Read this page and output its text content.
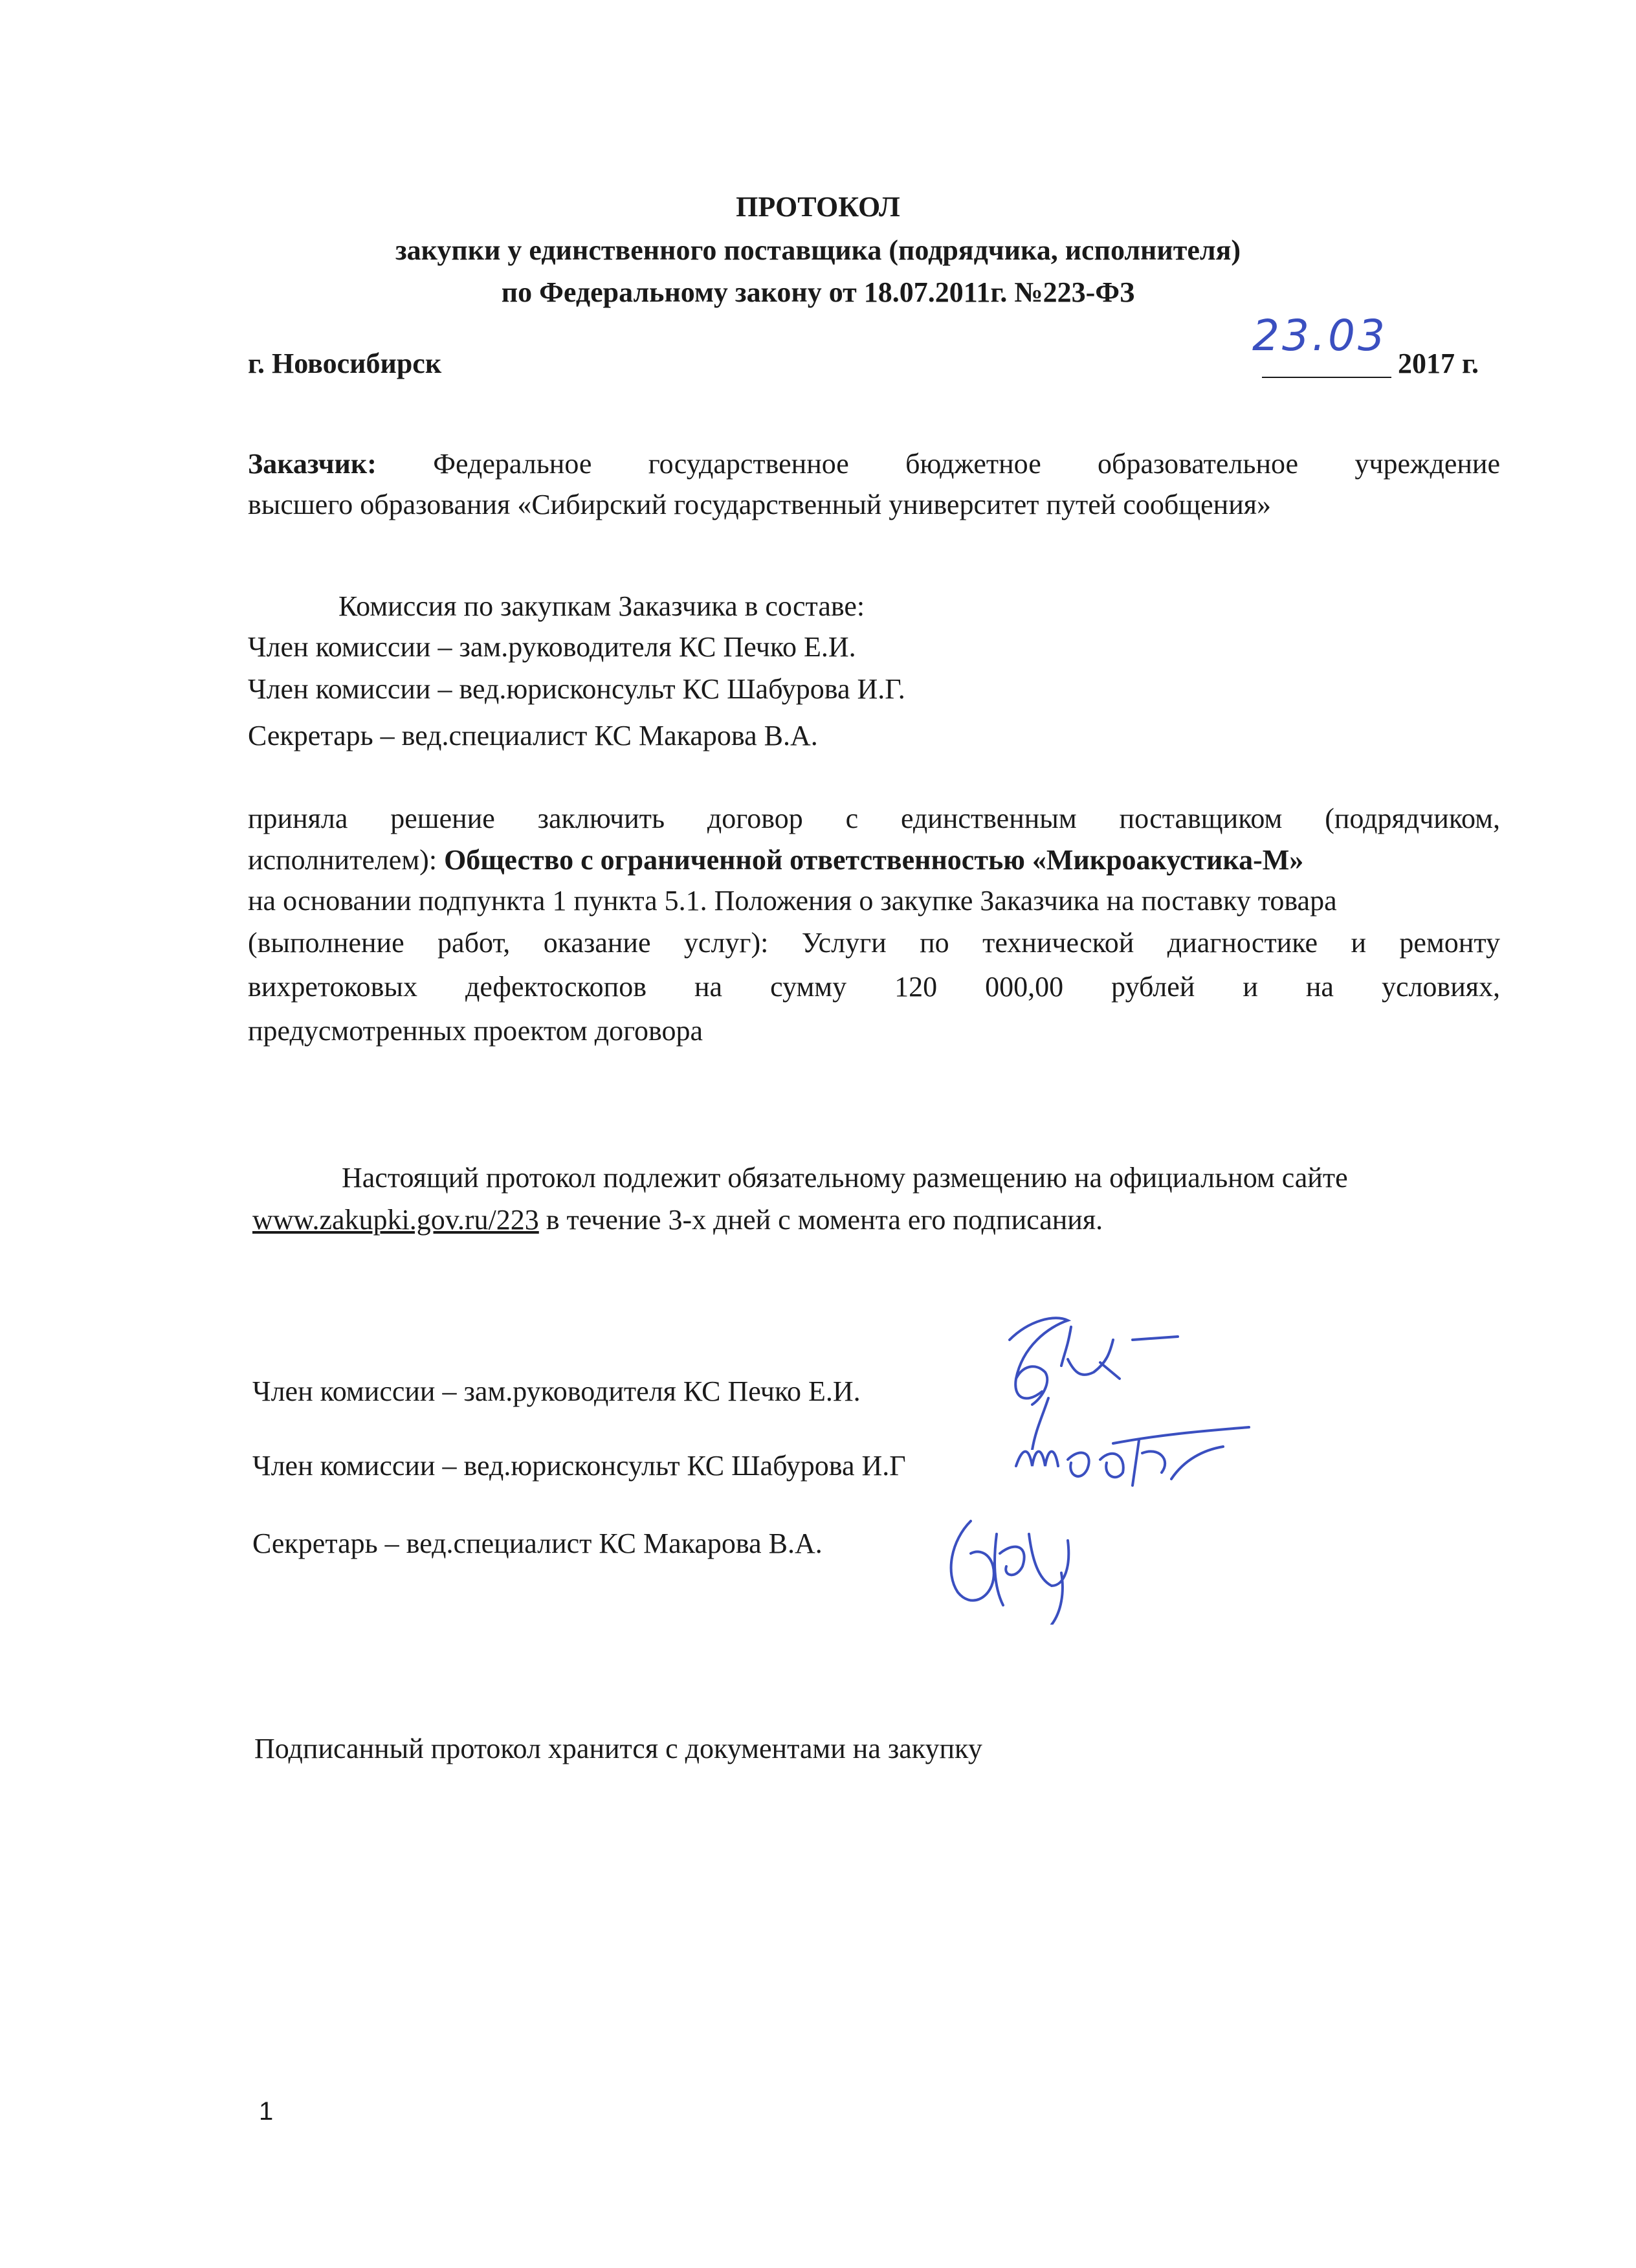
ПРОТОКОЛ
закупки у единственного поставщика (подрядчика, исполнителя)
по Федеральному закону от 18.07.2011г. №223-ФЗ
г. Новосибирск
23.03
2017 г.
Заказчик: Федеральное государственное бюджетное образовательное учреждение
высшего образования «Сибирский государственный университет путей сообщения»
Комиссия по закупкам Заказчика в составе:
Член комиссии – зам.руководителя КС Печко Е.И.
Член комиссии – вед.юрисконсульт КС Шабурова И.Г.
Секретарь – вед.специалист КС Макарова В.А.
приняла решение заключить договор с единственным поставщиком (подрядчиком,
исполнителем): Общество с ограниченной ответственностью «Микроакустика-М»
на основании подпункта 1 пункта 5.1. Положения о закупке Заказчика на поставку товара
(выполнение работ, оказание услуг): Услуги по технической диагностике и ремонту
вихретоковых дефектоскопов на сумму 120 000,00 рублей и на условиях,
предусмотренных проектом договора
Настоящий протокол подлежит обязательному размещению на официальном сайте
www.zakupki.gov.ru/223 в течение 3-х дней с момента его подписания.
Член комиссии – зам.руководителя КС Печко Е.И.
Член комиссии – вед.юрисконсульт КС Шабурова И.Г
Секретарь – вед.специалист КС Макарова В.А.
Подписанный протокол хранится с документами на закупку
1
